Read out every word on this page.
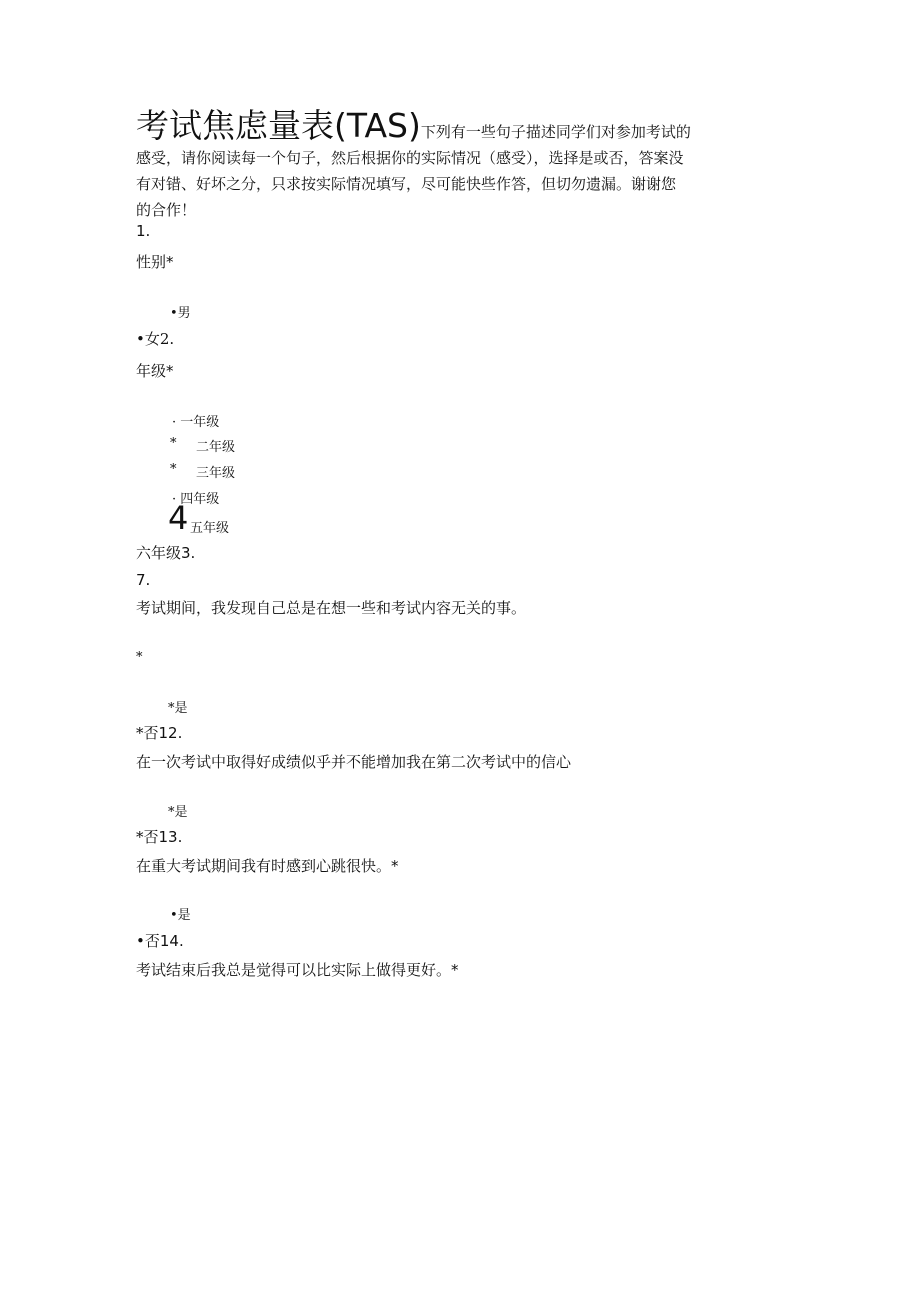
考试焦虑量表(TAS)下列有一些句子描述同学们对参加考试的
感受，请你阅读每一个句子，然后根据你的实际情况（感受），选择是或否，答案没
有对错、好坏之分，只求按实际情况填写，尽可能快些作答，但切勿遗漏。谢谢您
的合作！
1.
性别*
•男
•女2.
年级*
· 一年级
* 二年级
* 三年级
· 四年级
4 五年级
六年级3.
7.
考试期间，我发现自己总是在想一些和考试内容无关的事。
*
*是
*否12.
在一次考试中取得好成绩似乎并不能增加我在第二次考试中的信心
*是
*否13.
在重大考试期间我有时感到心跳很快。*
•是
•否14.
考试结束后我总是觉得可以比实际上做得更好。*
